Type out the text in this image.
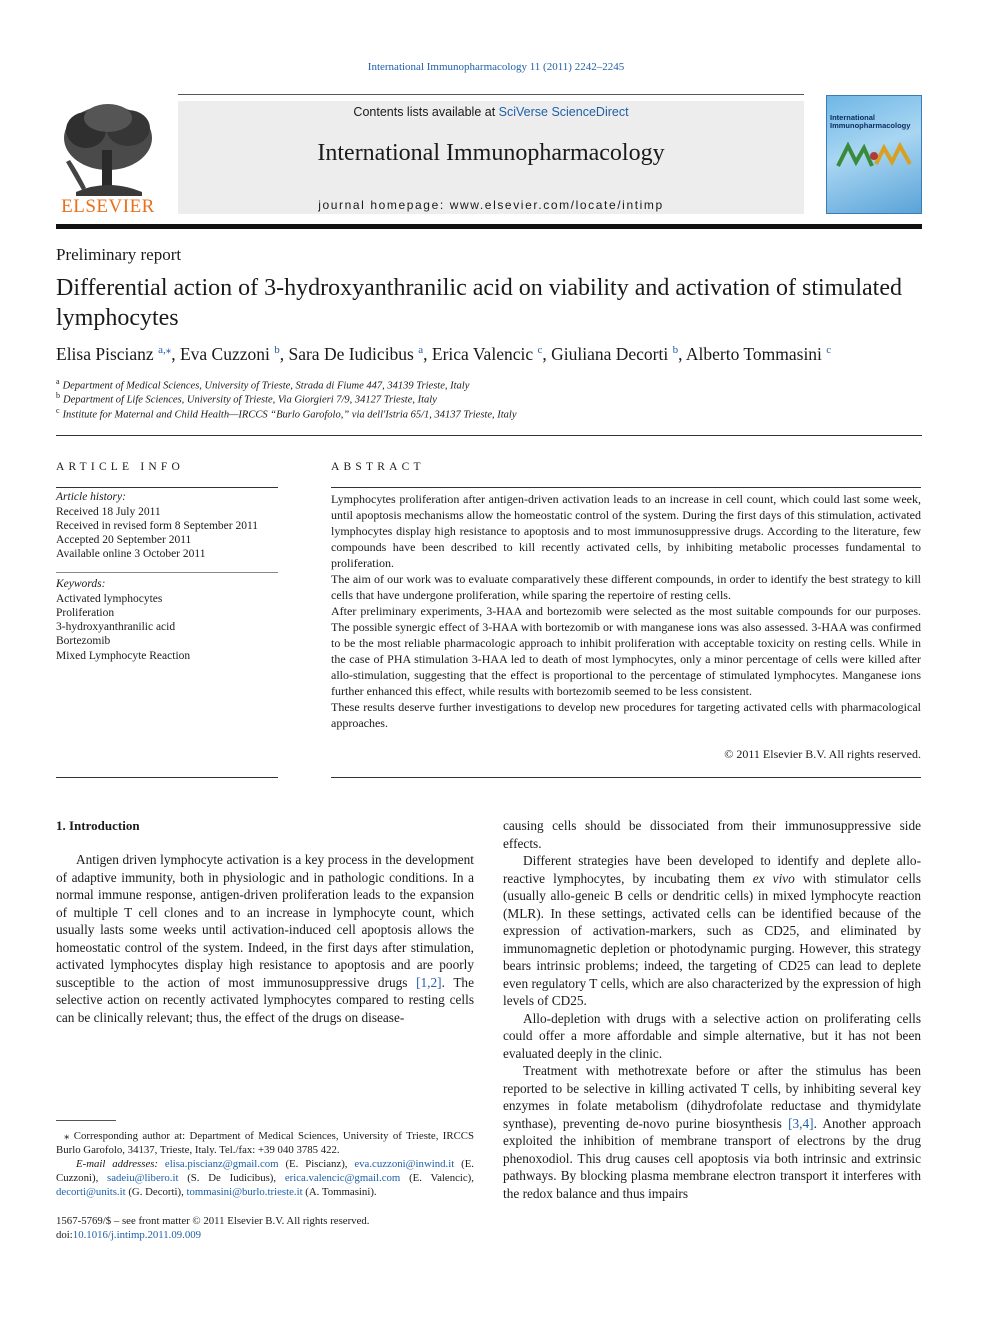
International Immunopharmacology 11 (2011) 2242–2245
ELSEVIER
Contents lists available at SciVerse ScienceDirect
International Immunopharmacology
journal homepage: www.elsevier.com/locate/intimp
International Immunopharmacology
Preliminary report
Differential action of 3-hydroxyanthranilic acid on viability and activation of stimulated lymphocytes
Elisa Piscianz $^{a,⁎}$, Eva Cuzzoni $^b$, Sara De Iudicibus $^a$, Erica Valencic $^c$, Giuliana Decorti $^b$, Alberto Tommasini $^c$
$^a$ Department of Medical Sciences, University of Trieste, Strada di Fiume 447, 34139 Trieste, Italy
$^b$ Department of Life Sciences, University of Trieste, Via Giorgieri 7/9, 34127 Trieste, Italy
$^c$ Institute for Maternal and Child Health—IRCCS “Burlo Garofolo,” via dell'Istria 65/1, 34137 Trieste, Italy
ARTICLE INFO
Article history:
Received 18 July 2011
Received in revised form 8 September 2011
Accepted 20 September 2011
Available online 3 October 2011
Keywords:
Activated lymphocytes
Proliferation
3-hydroxyanthranilic acid
Bortezomib
Mixed Lymphocyte Reaction
ABSTRACT

Lymphocytes proliferation after antigen-driven activation leads to an increase in cell count, which could last some week, until apoptosis mechanisms allow the homeostatic control of the system. During the first days of this stimulation, activated lymphocytes display high resistance to apoptosis and to most immunosuppressive drugs. According to the literature, few compounds have been described to kill recently activated cells, by inhibiting metabolic processes fundamental to proliferation.

The aim of our work was to evaluate comparatively these different compounds, in order to identify the best strategy to kill cells that have undergone proliferation, while sparing the repertoire of resting cells.

After preliminary experiments, 3-HAA and bortezomib were selected as the most suitable compounds for our purposes. The possible synergic effect of 3-HAA with bortezomib or with manganese ions was also assessed. 3-HAA was confirmed to be the most reliable pharmacologic approach to inhibit proliferation with acceptable toxicity on resting cells. While in the case of PHA stimulation 3-HAA led to death of most lymphocytes, only a minor percentage of cells were killed after allo-stimulation, suggesting that the effect is proportional to the percentage of stimulated lymphocytes. Manganese ions further enhanced this effect, while results with bortezomib seemed to be less consistent.

These results deserve further investigations to develop new procedures for targeting activated cells with pharmacological approaches.

© 2011 Elsevier B.V. All rights reserved.
1. Introduction

Antigen driven lymphocyte activation is a key process in the development of adaptive immunity, both in physiologic and in pathologic conditions. In a normal immune response, antigen-driven proliferation leads to the expansion of multiple T cell clones and to an increase in lymphocyte count, which usually lasts some weeks until activation-induced cell apoptosis allows the homeostatic control of the system. Indeed, in the first days after stimulation, activated lymphocytes display high resistance to apoptosis and are poorly susceptible to the action of most immunosuppressive drugs [1,2]. The selective action on recently activated lymphocytes compared to resting cells can be clinically relevant; thus, the effect of the drugs on disease-

causing cells should be dissociated from their immunosuppressive side effects.

Different strategies have been developed to identify and deplete allo-reactive lymphocytes, by incubating them ex vivo with stimulator cells (usually allo-geneic B cells or dendritic cells) in mixed lymphocyte reaction (MLR). In these settings, activated cells can be identified because of the expression of activation-markers, such as CD25, and eliminated by immunomagnetic depletion or photodynamic purging. However, this strategy bears intrinsic problems; indeed, the targeting of CD25 can lead to deplete even regulatory T cells, which are also characterized by the expression of high levels of CD25.

Allo-depletion with drugs with a selective action on proliferating cells could offer a more affordable and simple alternative, but it has not been evaluated deeply in the clinic.

Treatment with methotrexate before or after the stimulus has been reported to be selective in killing activated T cells, by inhibiting several key enzymes in folate metabolism (dihydrofolate reductase and thymidylate synthase), preventing de-novo purine biosynthesis [3,4]. Another approach exploited the inhibition of membrane transport of electrons by the drug phenoxodiol. This drug causes cell apoptosis via both intrinsic and extrinsic pathways. By blocking plasma membrane electron transport it interferes with the redox balance and thus impairs

⁎ Corresponding author at: Department of Medical Sciences, University of Trieste, IRCCS Burlo Garofolo, 34137, Trieste, Italy. Tel./fax: +39 040 3785 422.
E-mail addresses: elisa.piscianz@gmail.com (E. Piscianz), eva.cuzzoni@inwind.it (E. Cuzzoni), sadeiu@libero.it (S. De Iudicibus), erica.valencic@gmail.com (E. Valencic), decorti@units.it (G. Decorti), tommasini@burlo.trieste.it (A. Tommasini).
1567-5769/$ – see front matter © 2011 Elsevier B.V. All rights reserved.
doi:10.1016/j.intimp.2011.09.009
